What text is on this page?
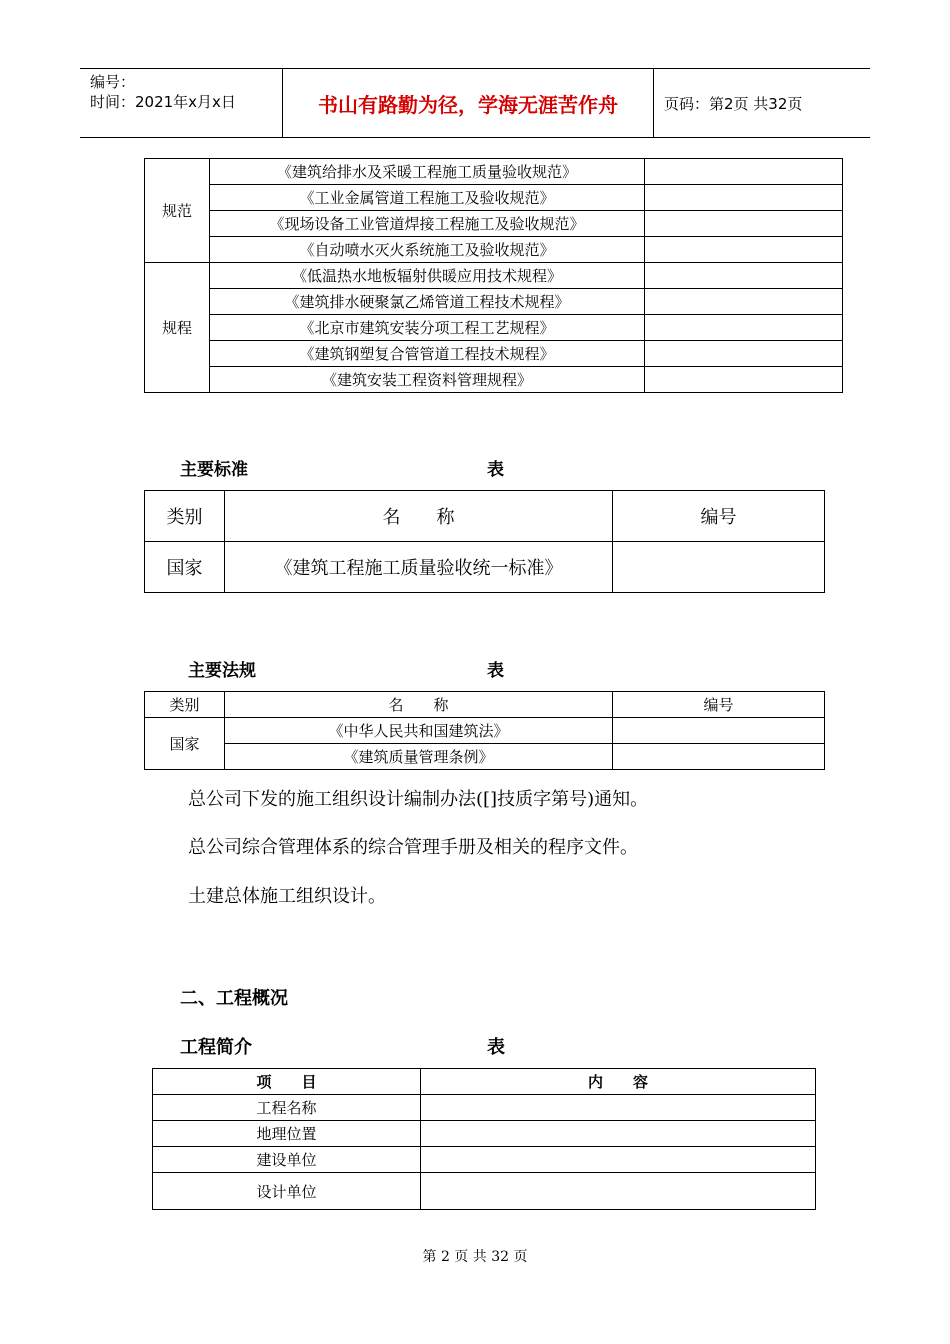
编号：
时间：2021年x月x日	书山有路勤为径，学海无涯苦作舟	页码：第2页 共32页
规范	《建筑给排水及采暖工程施工质量验收规范》	
	《工业金属管道工程施工及验收规范》	
	《现场设备工业管道焊接工程施工及验收规范》	
	《自动喷水灭火系统施工及验收规范》	
规程	《低温热水地板辐射供暖应用技术规程》	
	《建筑排水硬聚氯乙烯管道工程技术规程》	
	《北京市建筑安装分项工程工艺规程》	
	《建筑钢塑复合管管道工程技术规程》	
	《建筑安装工程资料管理规程》	
主要标准	表
类别	名　　称	编号
国家	《建筑工程施工质量验收统一标准》	
主要法规	表
类别	名　　称	编号
国家	《中华人民共和国建筑法》	
	《建筑质量管理条例》	
总公司下发的施工组织设计编制办法([]技质字第号)通知。
总公司综合管理体系的综合管理手册及相关的程序文件。
土建总体施工组织设计。
二、工程概况
工程简介	表
项　　目	内　　容
工程名称	
地理位置	
建设单位	
设计单位	
第 2 页 共 32 页
